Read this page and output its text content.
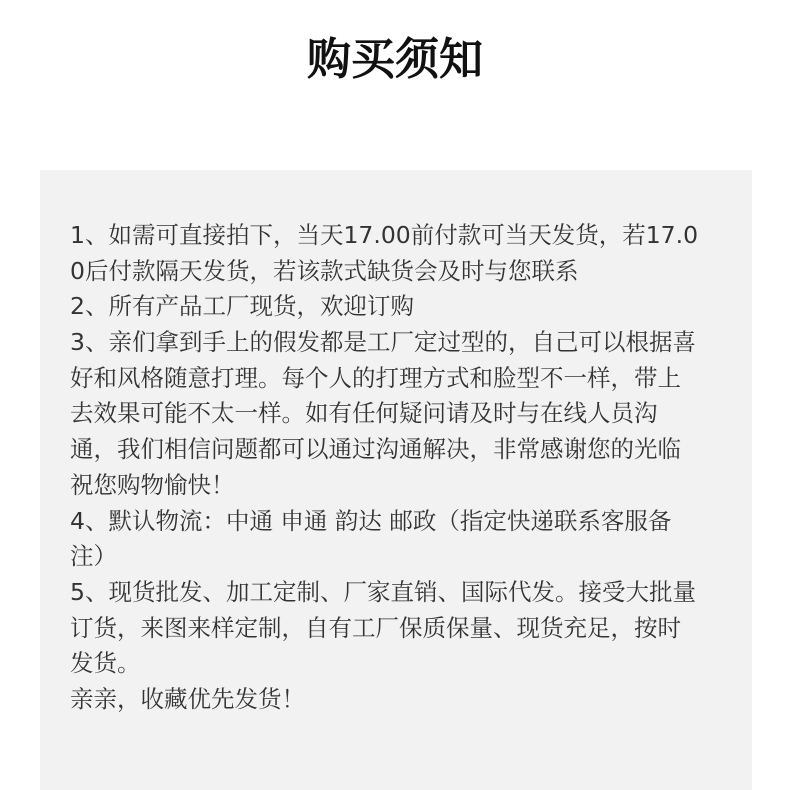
购买须知
1、如需可直接拍下，当天17.00前付款可当天发货，若17.0
0后付款隔天发货，若该款式缺货会及时与您联系
2、所有产品工厂现货，欢迎订购
3、亲们拿到手上的假发都是工厂定过型的，自己可以根据喜
好和风格随意打理。每个人的打理方式和脸型不一样，带上
去效果可能不太一样。如有任何疑问请及时与在线人员沟
通，我们相信问题都可以通过沟通解决，非常感谢您的光临
祝您购物愉快！
4、默认物流：中通 申通 韵达 邮政（指定快递联系客服备
注）
5、现货批发、加工定制、厂家直销、国际代发。接受大批量
订货，来图来样定制，自有工厂保质保量、现货充足，按时
发货。
亲亲，收藏优先发货！
